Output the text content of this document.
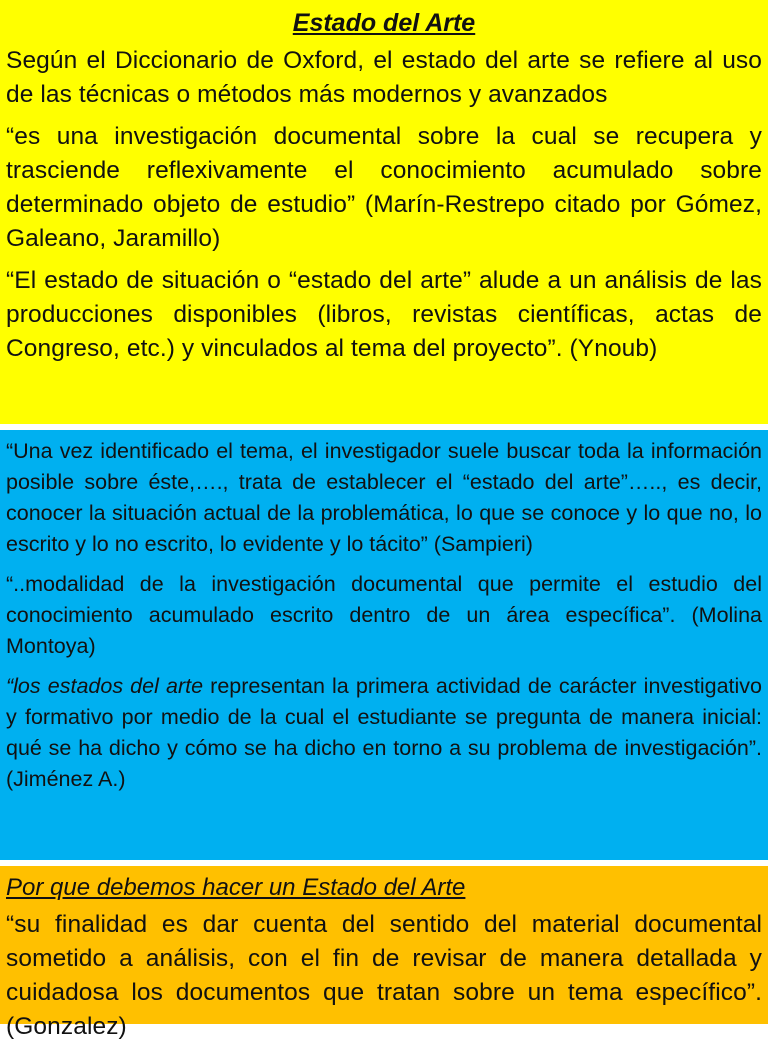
Estado del Arte

Según el Diccionario de Oxford, el estado del arte se refiere al uso de las técnicas o métodos más modernos y avanzados

“es una investigación documental sobre la cual se recupera y trasciende reflexivamente el conocimiento acumulado sobre determinado objeto de estudio” (Marín-Restrepo citado por Gómez, Galeano, Jaramillo)

“El estado de situación o “estado del arte” alude a un análisis de las producciones disponibles (libros, revistas científicas, actas de Congreso, etc.) y vinculados al tema del proyecto”. (Ynoub)

“Una vez identificado el tema, el investigador suele buscar toda la información posible sobre éste,…., trata de establecer el “estado del arte”….., es decir, conocer la situación actual de la problemática, lo que se conoce y lo que no, lo escrito y lo no escrito, lo evidente y lo tácito” (Sampieri)

“..modalidad de la investigación documental que permite el estudio del conocimiento acumulado escrito dentro de un área específica”. (Molina Montoya)

“los estados del arte representan la primera actividad de carácter investigativo y formativo por medio de la cual el estudiante se pregunta de manera inicial: qué se ha dicho y cómo se ha dicho en torno a su problema de investigación”. (Jiménez A.)

Por que debemos hacer un Estado del Arte

“su finalidad es dar cuenta del sentido del material documental sometido a análisis, con el fin de revisar de manera detallada y cuidadosa los documentos que tratan sobre un tema específico”. (Gonzalez)
